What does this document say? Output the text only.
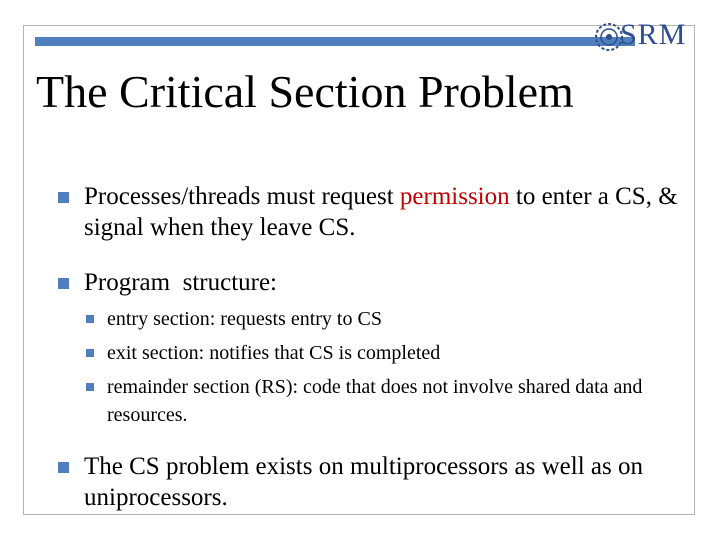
SRM
The Critical Section Problem
Processes/threads must request permission to enter a CS, & signal when they leave CS.
Program  structure:
entry section: requests entry to CS
exit section: notifies that CS is completed
remainder section (RS): code that does not involve shared data and resources.
The CS problem exists on multiprocessors as well as on uniprocessors.
